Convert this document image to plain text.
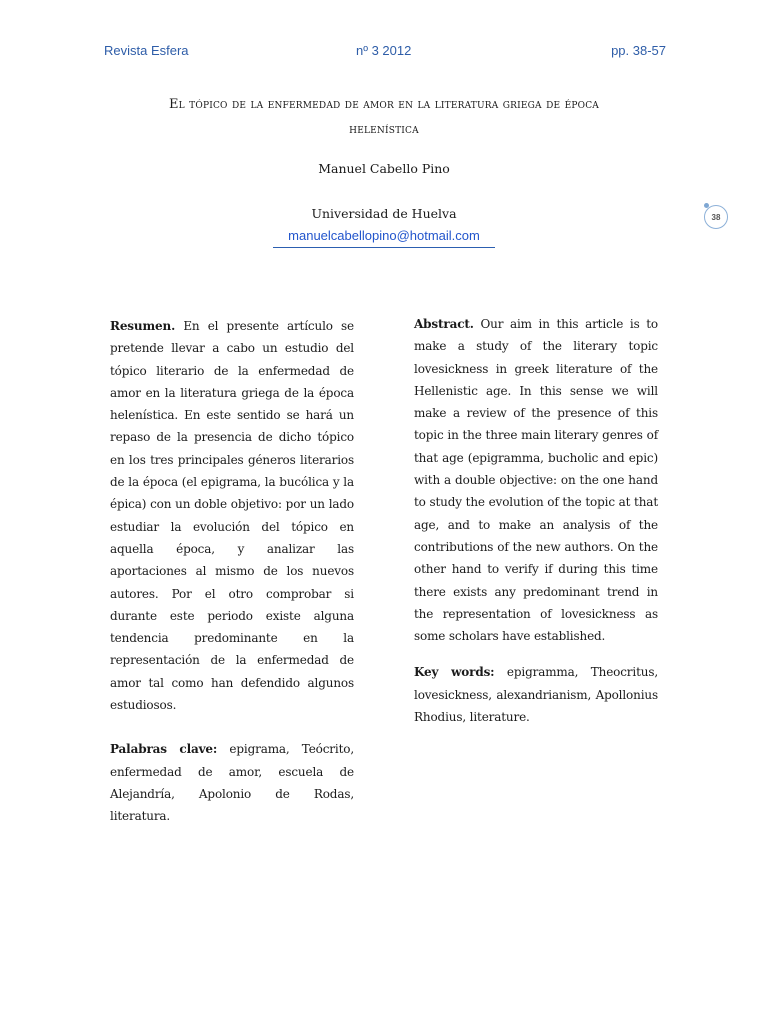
Revista Esfera	nº 3 2012	pp. 38-57
El tópico de la enfermedad de amor en la literatura griega de época
helenística
Manuel Cabello Pino
Universidad de Huelva
manuelcabellopino@hotmail.com
38

Resumen. En el presente artículo se pretende llevar a cabo un estudio del tópico literario de la enfermedad de amor en la literatura griega de la época helenística. En este sentido se hará un repaso de la presencia de dicho tópico en los tres principales géneros literarios de la época (el epigrama, la bucólica y la épica) con un doble objetivo: por un lado estudiar la evolución del tópico en aquella época, y analizar las aportaciones al mismo de los nuevos autores. Por el otro comprobar si durante este periodo existe alguna tendencia predominante en la representación de la enfermedad de amor tal como han defendido algunos estudiosos.

Palabras clave: epigrama, Teócrito, enfermedad de amor, escuela de Alejandría, Apolonio de Rodas, literatura.

Abstract. Our aim in this article is to make a study of the literary topic lovesickness in greek literature of the Hellenistic age. In this sense we will make a review of the presence of this topic in the three main literary genres of that age (epigramma, bucholic and epic) with a double objective: on the one hand to study the evolution of the topic at that age, and to make an analysis of the contributions of the new authors. On the other hand to verify if during this time there exists any predominant trend in the representation of lovesickness as some scholars have established.

Key words: epigramma, Theocritus, lovesickness, alexandrianism, Apollonius Rhodius, literature.
